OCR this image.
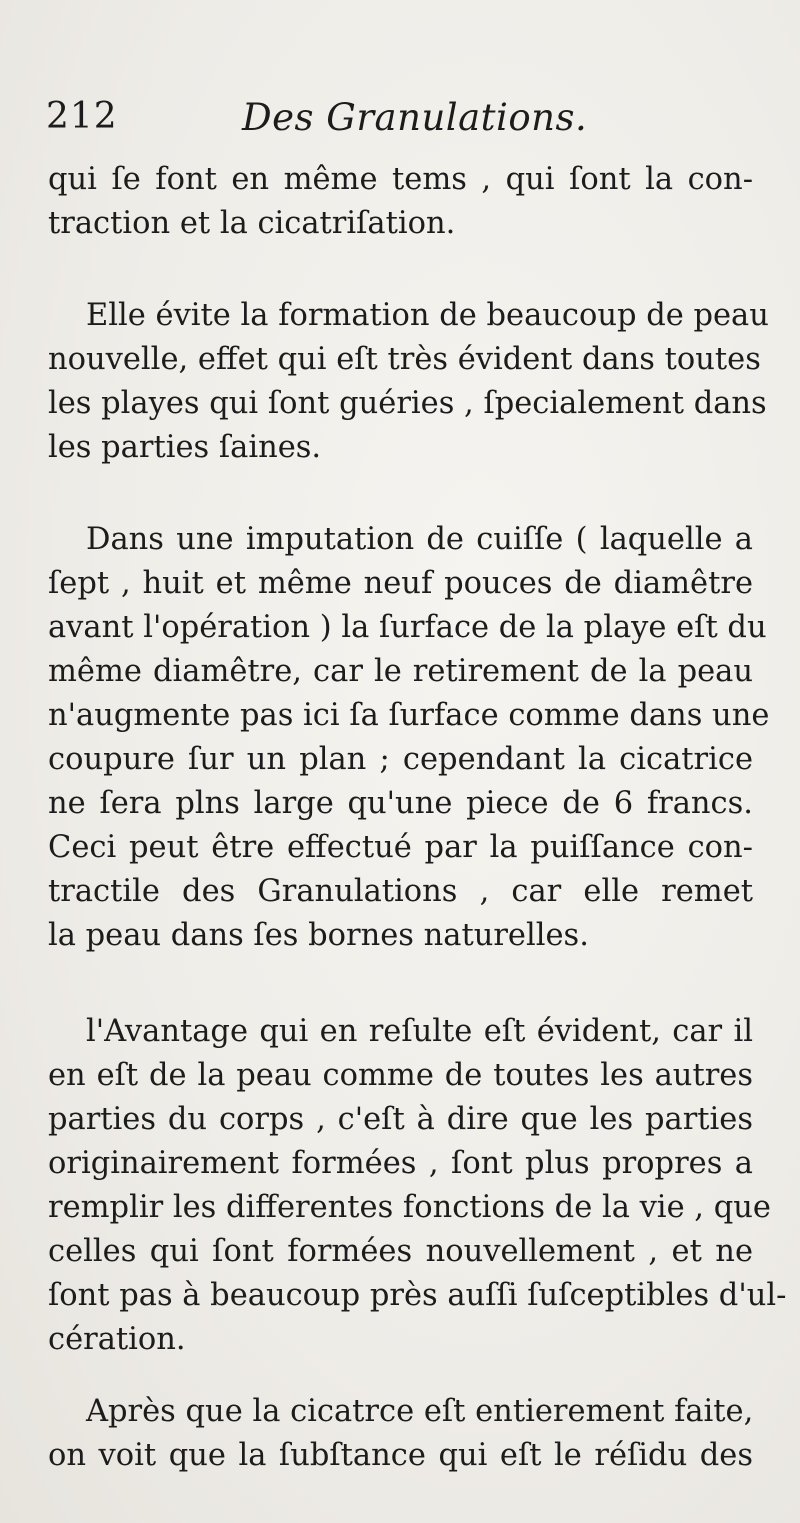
212	Des Granulations.
qui ſe font en même tems , qui ſont la con-
traction et la cicatriſation.
Elle évite la formation de beaucoup de peau
nouvelle, effet qui eſt très évident dans toutes
les playes qui ſont guéries , ſpecialement dans
les parties ſaines.
Dans une imputation de cuiſſe ( laquelle a
ſept , huit et même neuf pouces de diamêtre
avant l'opération ) la ſurface de la playe eſt du
même diamêtre, car le retirement de la peau
n'augmente pas ici ſa ſurface comme dans une
coupure ſur un plan ; cependant la cicatrice
ne ſera plns large qu'une piece de 6 francs.
Ceci peut être effectué par la puiſſance con-
tractile des Granulations , car elle remet
la peau dans ſes bornes naturelles.
l'Avantage qui en reſulte eſt évident, car il
en eſt de la peau comme de toutes les autres
parties du corps , c'eſt à dire que les parties
originairement formées , ſont plus propres a
remplir les differentes fonctions de la vie , que
celles qui ſont formées nouvellement , et ne
ſont pas à beaucoup près auſſi ſuſceptibles d'ul-
cération.
Après que la cicatrce eſt entierement faite,
on voit que la ſubſtance qui eſt le réſidu des
